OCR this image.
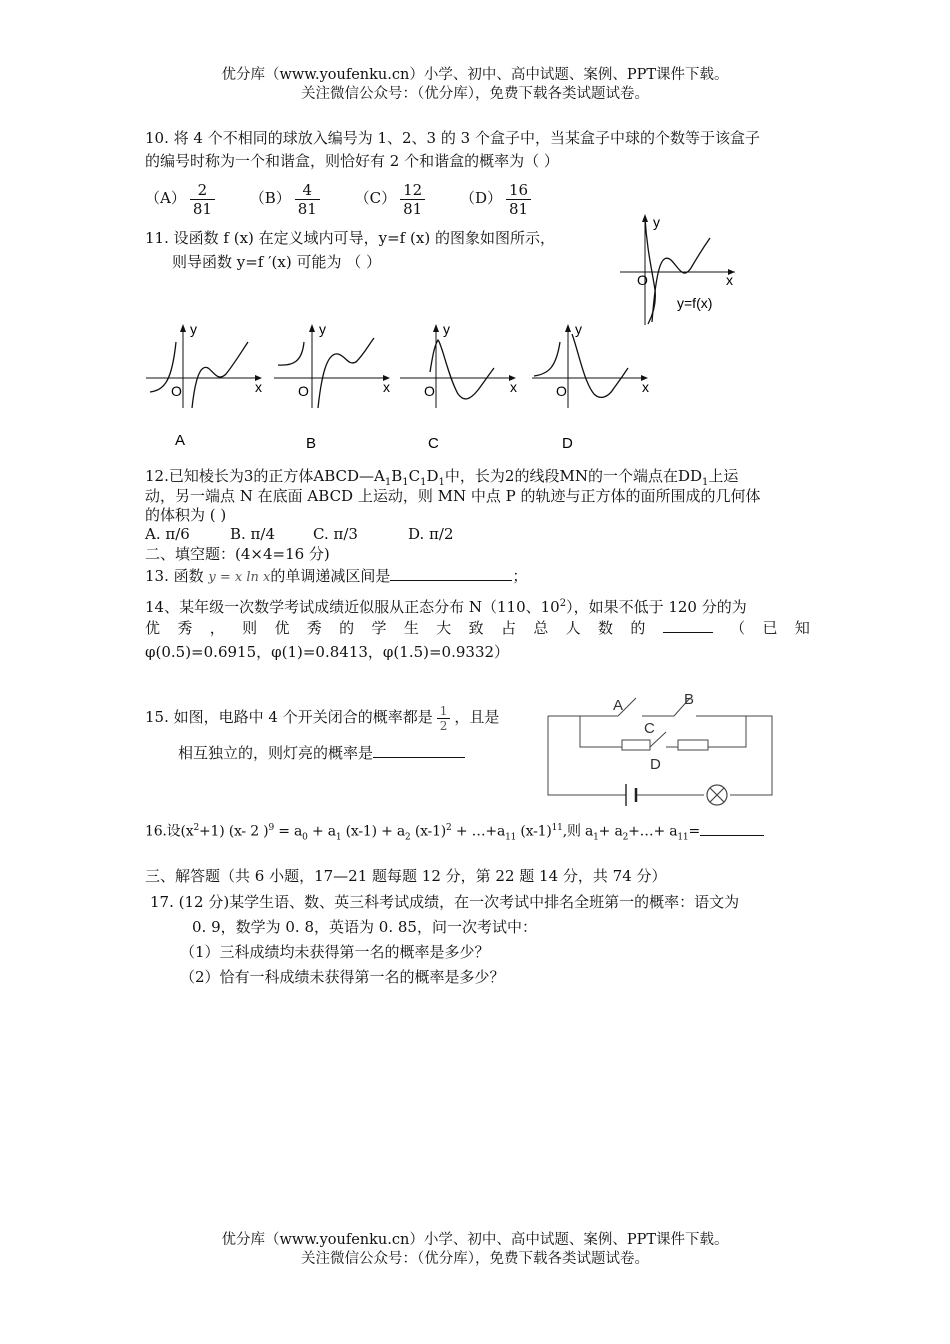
优分库（www.youfenku.cn）小学、初中、高中试题、案例、PPT课件下载。
关注微信公众号：（优分库），免费下载各类试题试卷。
10. 将 4 个不相同的球放入编号为 1、2、3 的 3 个盒子中，当某盒子中球的个数等于该盒子
的编号时称为一个和谐盒，则恰好有 2 个和谐盒的概率为（ ）
$(A) \frac{2}{81} (B) \frac{4}{81} (C) \frac{12}{81} (D) \frac{16}{81}$
11. 设函数 f (x) 在定义域内可导，y=f (x) 的图象如图所示，
则导函数 y=f ′(x) 可能为 （ ）
y
x
O
y=f(x)
y
x
O
A
y
x
O
B
y
x
O
C
y
x
O
D
12.已知棱长为3的正方体$ABCD—A_1B_1C_1D_1$中，长为2的线段MN的一个端点在$DD_1$上运
动，另一端点 N 在底面 ABCD 上运动，则 MN 中点 P 的轨迹与正方体的面所围成的几何体
的体积为 ( )
A. π/6	B. π/4	C. π/3	D. π/2
二、填空题：(4×4=16 分)
13. 函数 y = x ln x的单调递减区间是	；
14、某年级一次数学考试成绩近似服从正态分布 N（110、$10^2$），如果不低于 120 分的为
优 秀 ， 则 优 秀 的 学 生 大 致 占 总 人 数 的	（ 已 知
φ(0.5)=0.6915，φ(1)=0.8413，φ(1.5)=0.9332）
15. 如图，电路中 4 个开关闭合的概率都是 $\frac{1}{2}$ ，且是
相互独立的，则灯亮的概率是
A	B
C
D
16.设$(x^2+1)$ (x- 2 )$^9 = a_0 + a_1$ $(x-1) + a_2$ $(x-1)^2$ + $\dots+a_{11}$ $(x-1)^{11}$,则 $a_1+$ $a_2+\dots+ a_{11}=$
三、解答题（共 6 小题，17—21 题每题 12 分，第 22 题 14 分，共 74 分）
17. (12 分)某学生语、数、英三科考试成绩，在一次考试中排名全班第一的概率：语文为
0. 9，数学为 0. 8，英语为 0. 85，问一次考试中：
（1）三科成绩均未获得第一名的概率是多少？
（2）恰有一科成绩未获得第一名的概率是多少？
优分库（www.youfenku.cn）小学、初中、高中试题、案例、PPT课件下载。
关注微信公众号：（优分库），免费下载各类试题试卷。
